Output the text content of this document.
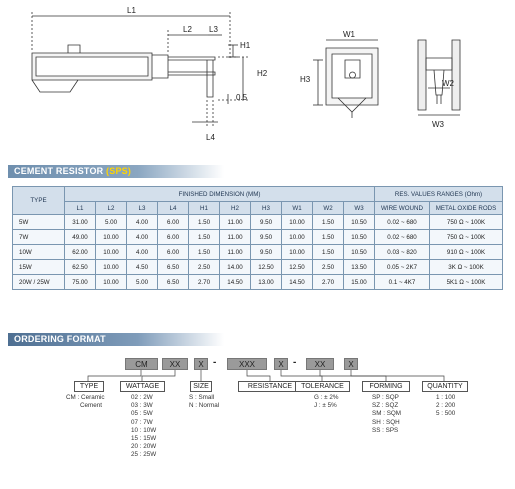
L1
L2 L3
H1
H2
0.5
L4
W1
H3	W2
W3
CEMENT RESISTOR (SPS)
TYPE	FINISHED DIMENSION (MM)										RES. VALUES RANGES (Ohm)	
	L1	L2	L3	L4	H1	H2	H3	W1	W2	W3	WIRE WOUND	METAL OXIDE RODS
5W	31.00	5.00	4.00	6.00	1.50	11.00	9.50	10.00	1.50	10.50	0.02 ~ 680	750 Ω ~ 100K
7W	49.00	10.00	4.00	6.00	1.50	11.00	9.50	10.00	1.50	10.50	0.02 ~ 680	750 Ω ~ 100K
10W	62.00	10.00	4.00	6.00	1.50	11.00	9.50	10.00	1.50	10.50	0.03 ~ 820	910 Ω ~ 100K
15W	62.50	10.00	4.50	6.50	2.50	14.00	12.50	12.50	2.50	13.50	0.05 ~ 2K7	3K Ω ~ 100K
20W / 25W	75.00	10.00	5.00	6.50	2.70	14.50	13.00	14.50	2.70	15.00	0.1 ~ 4K7	5K1 Ω ~ 100K
ORDERING FORMAT
CM	XX	X -	XXX	X -	XX	X
TYPE	WATTAGE	SIZE	RESISTANCE	TOLERANCE	FORMING	QUANTITY
CM : Ceramic
Cement
02 : 2W
03 : 3W
05 : 5W
07 : 7W
10 : 10W
15 : 15W
20 : 20W
25 : 25W
S : Small
N : Normal
G : ± 2%
J : ± 5%
SP : SQP
SZ : SQZ
SM : SQM
SH : SQH
SS : SPS
1 : 100
2 : 200
5 : 500
